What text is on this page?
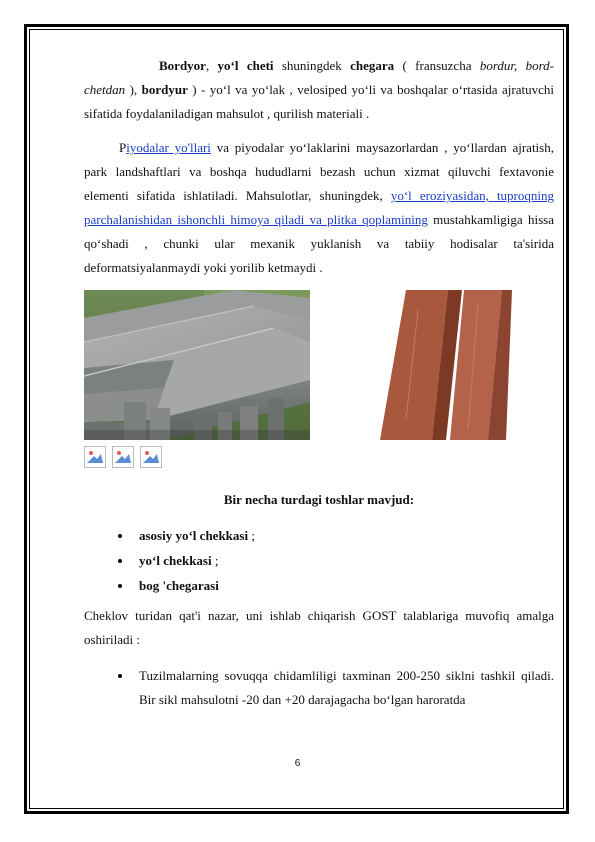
Bordyor, yo‘l cheti shuningdek chegara ( fransuzcha bordur, bord-chetdan ), bordyur ) - yo‘l va yo‘lak , velosiped yo‘li va boshqalar o‘rtasida ajratuvchi sifatida foydalaniladigan mahsulot , qurilish materiali .

Piyodalar yo'llari va piyodalar yo‘laklarini maysazorlardan , yo‘llardan ajratish, park landshaftlari va boshqa hududlarni bezash uchun xizmat qiluvchi fextavonie elementi sifatida ishlatiladi. Mahsulotlar, shuningdek, yo‘l eroziyasidan, tuproqning parchalanishidan ishonchli himoya qiladi va plitka qoplamining mustahkamligiga hissa qo‘shadi , chunki ular mexanik yuklanish va tabiiy hodisalar ta'sirida deformatsiyalanmaydi yoki yorilib ketmaydi .

Bir necha turdagi toshlar mavjud:

asosiy yo‘l chekkasi ;
yo‘l chekkasi ;
bog 'chegarasi

Cheklov turidan qat'i nazar, uni ishlab chiqarish GOST talablariga muvofiq amalga oshiriladi :

Tuzilmalarning sovuqqa chidamliligi taxminan 200-250 siklni tashkil qiladi. Bir sikl mahsulotni -20 dan +20 darajagacha bo‘lgan haroratda
6
